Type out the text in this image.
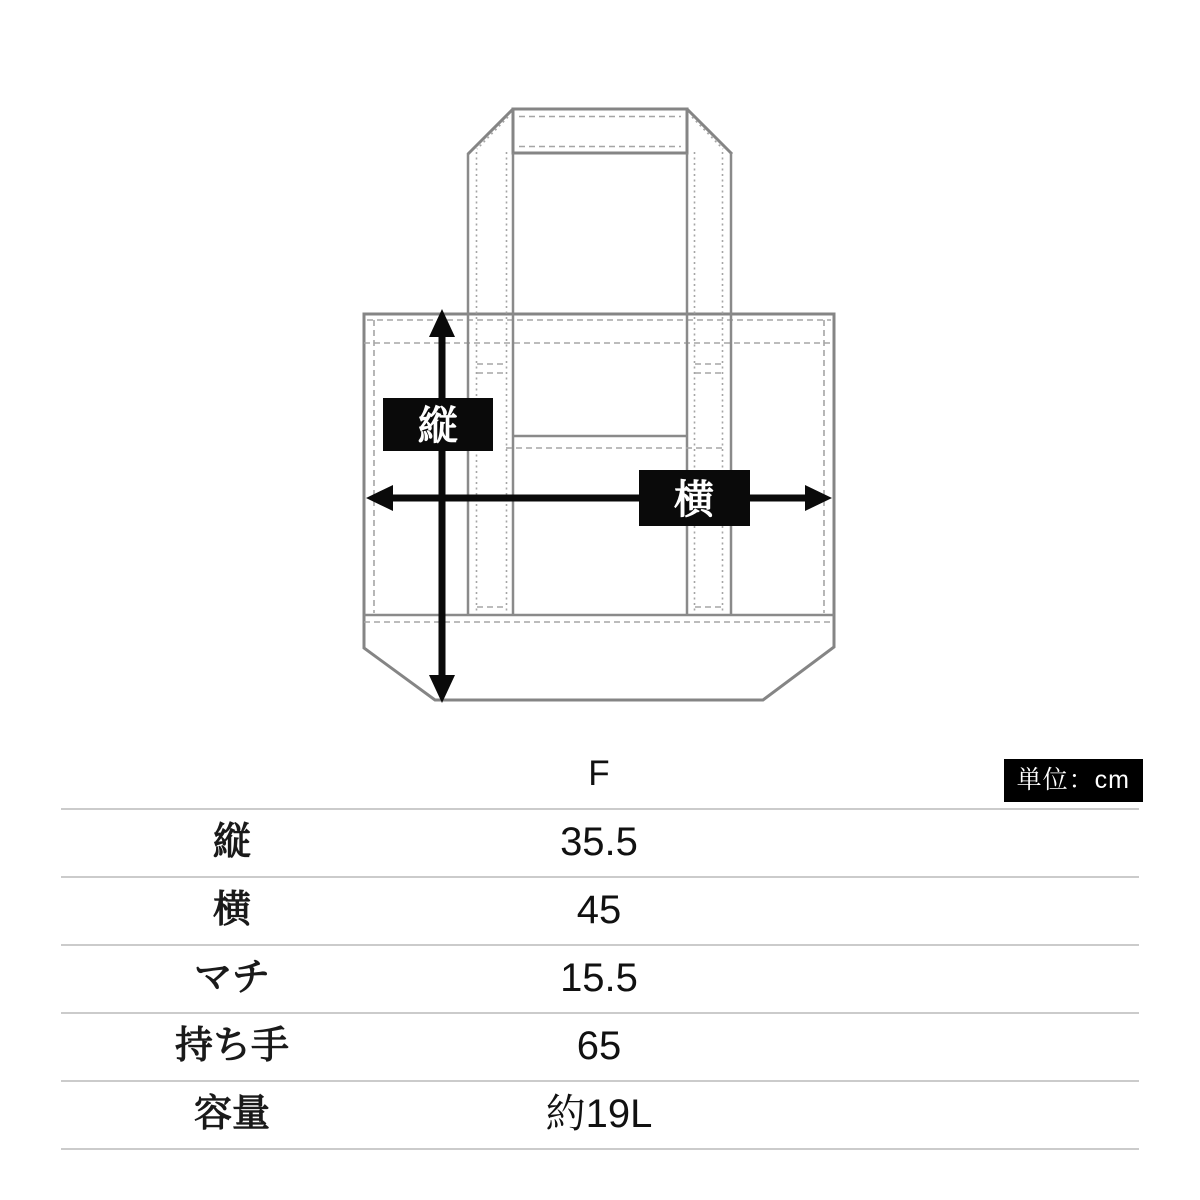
縦
横
F	単位：cm
縦	35.5
横	45
マチ	15.5
持ち手	65
容量	約19L
